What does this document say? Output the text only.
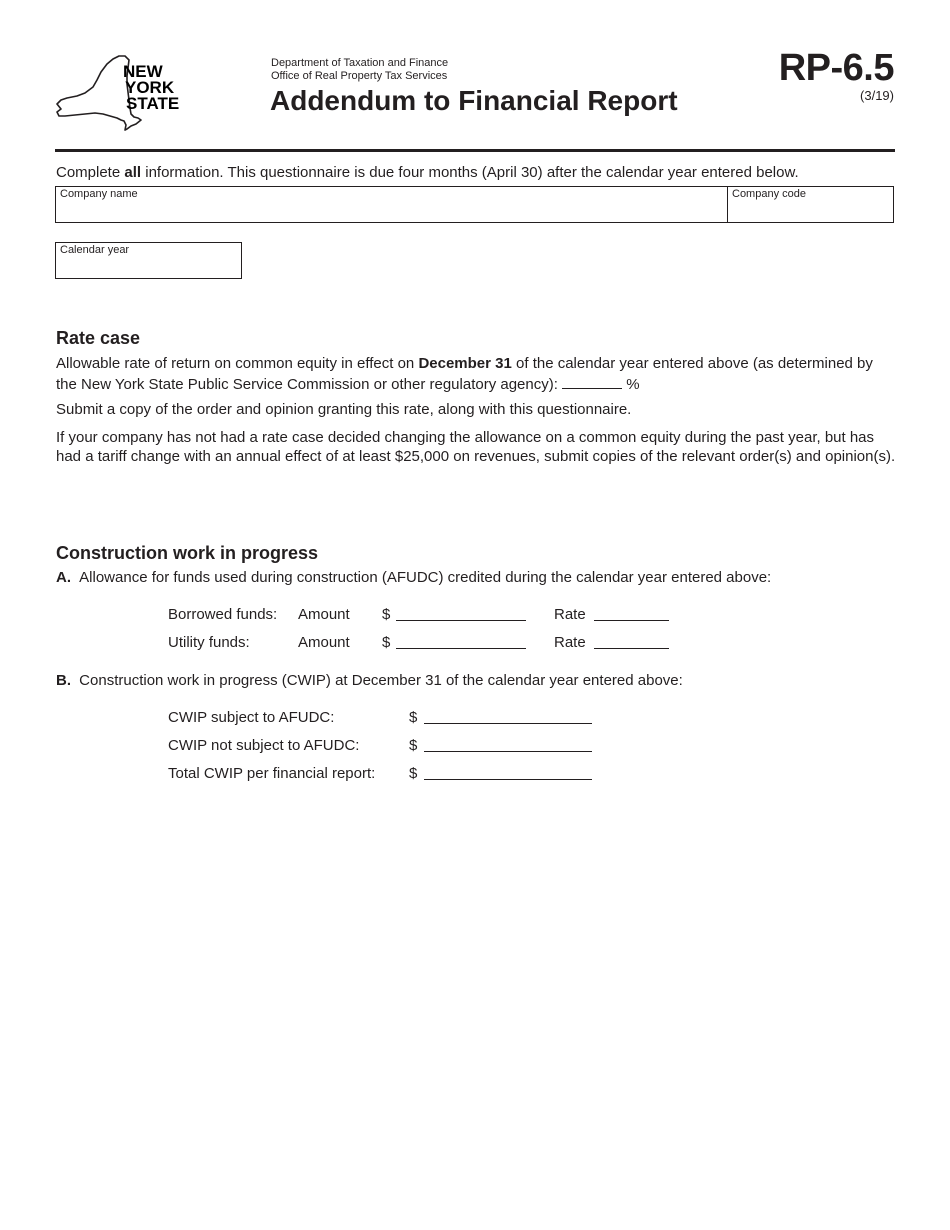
NEW
YORK
STATE
Department of Taxation and Finance
Office of Real Property Tax Services
Addendum to Financial Report
RP-6.5
(3/19)
Complete all information. This questionnaire is due four months (April 30) after the calendar year entered below.
Company name	Company code
Calendar year
Rate case
Allowable rate of return on common equity in effect on December 31 of the calendar year entered above (as determined by the New York State Public Service Commission or other regulatory agency):	%
Submit a copy of the order and opinion granting this rate, along with this questionnaire.
If your company has not had a rate case decided changing the allowance on a common equity during the past year, but has had a tariff change with an annual effect of at least $25,000 on revenues, submit copies of the relevant order(s) and opinion(s).
Construction work in progress
A. Allowance for funds used during construction (AFUDC) credited during the calendar year entered above:
Borrowed funds: Amount $	Rate
Utility funds:	Amount $	Rate
B. Construction work in progress (CWIP) at December 31 of the calendar year entered above:
CWIP subject to AFUDC:	$
CWIP not subject to AFUDC:	$
Total CWIP per financial report: $
